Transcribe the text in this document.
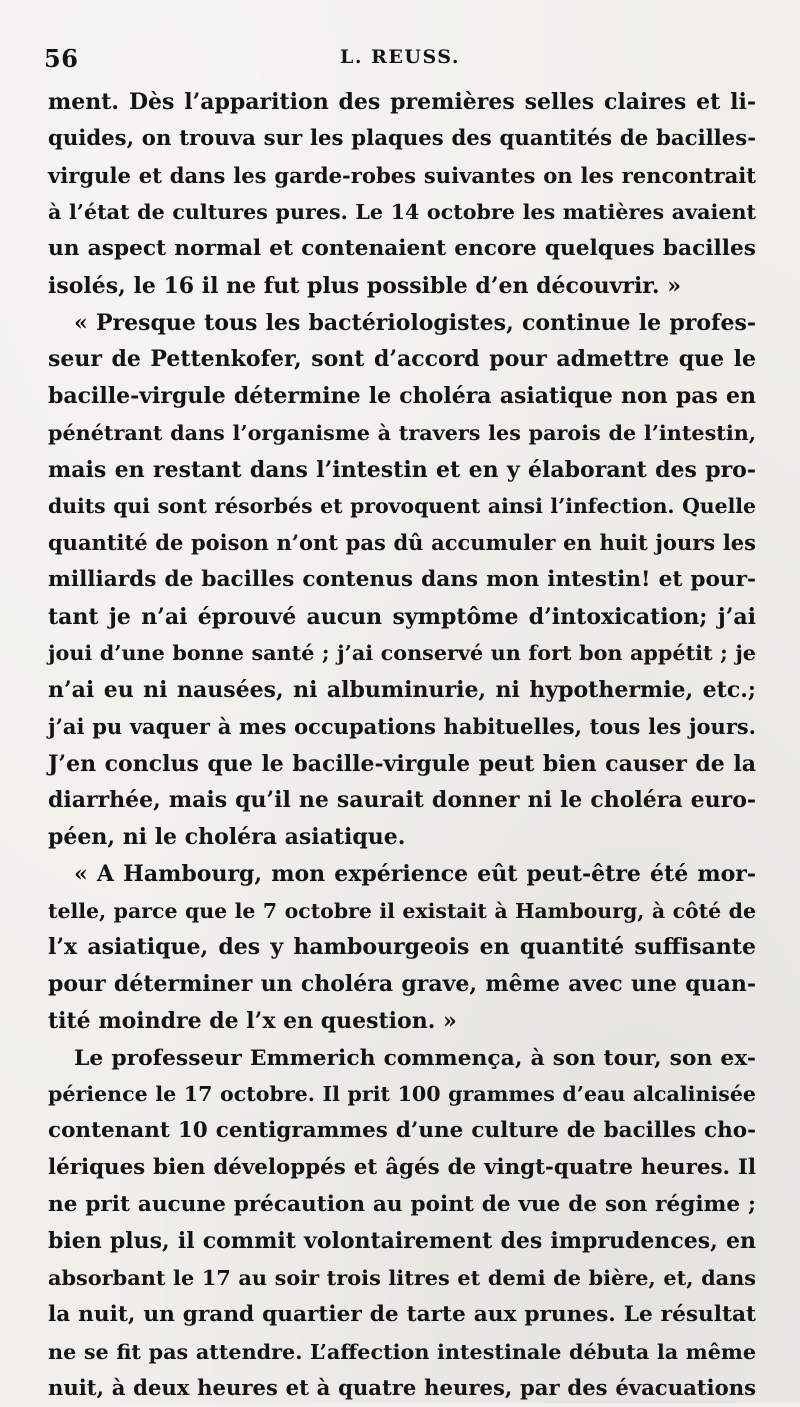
56	L. REUSS.
ment. Dès l’apparition des premières selles claires et li-
quides, on trouva sur les plaques des quantités de bacilles-
virgule et dans les garde-robes suivantes on les rencontrait
à l’état de cultures pures. Le 14 octobre les matières avaient
un aspect normal et contenaient encore quelques bacilles
isolés, le 16 il ne fut plus possible d’en découvrir. »
« Presque tous les bactériologistes, continue le profes-
seur de Pettenkofer, sont d’accord pour admettre que le
bacille-virgule détermine le choléra asiatique non pas en
pénétrant dans l’organisme à travers les parois de l’intestin,
mais en restant dans l’intestin et en y élaborant des pro-
duits qui sont résorbés et provoquent ainsi l’infection. Quelle
quantité de poison n’ont pas dû accumuler en huit jours les
milliards de bacilles contenus dans mon intestin! et pour-
tant je n’ai éprouvé aucun symptôme d’intoxication; j’ai
joui d’une bonne santé ; j’ai conservé un fort bon appétit ; je
n’ai eu ni nausées, ni albuminurie, ni hypothermie, etc.;
j’ai pu vaquer à mes occupations habituelles, tous les jours.
J’en conclus que le bacille-virgule peut bien causer de la
diarrhée, mais qu’il ne saurait donner ni le choléra euro-
péen, ni le choléra asiatique.
« A Hambourg, mon expérience eût peut-être été mor-
telle, parce que le 7 octobre il existait à Hambourg, à côté de
l’x asiatique, des y hambourgeois en quantité suffisante
pour déterminer un choléra grave, même avec une quan-
tité moindre de l’x en question. »
Le professeur Emmerich commença, à son tour, son ex-
périence le 17 octobre. Il prit 100 grammes d’eau alcalinisée
contenant 10 centigrammes d’une culture de bacilles cho-
lériques bien développés et âgés de vingt-quatre heures. Il
ne prit aucune précaution au point de vue de son régime ;
bien plus, il commit volontairement des imprudences, en
absorbant le 17 au soir trois litres et demi de bière, et, dans
la nuit, un grand quartier de tarte aux prunes. Le résultat
ne se fit pas attendre. L’affection intestinale débuta la même
nuit, à deux heures et à quatre heures, par des évacuations
